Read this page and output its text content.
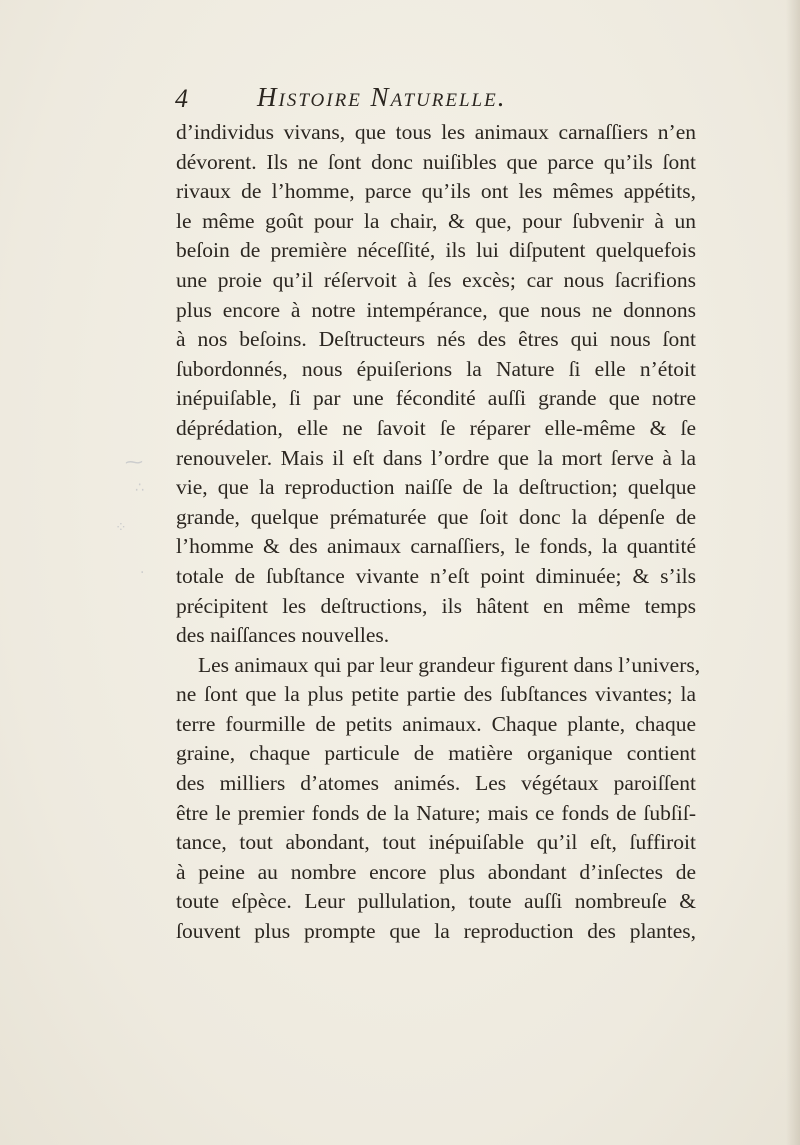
⁓
∴
⁘
·
4	Histoire Naturelle.
d’individus vivans, que tous les animaux carnaſſiers n’en
dévorent. Ils ne ſont donc nuiſibles que parce qu’ils ſont
rivaux de l’homme, parce qu’ils ont les mêmes appétits,
le même goût pour la chair, & que, pour ſubvenir à un
beſoin de première néceſſité, ils lui diſputent quelquefois
une proie qu’il réſervoit à ſes excès; car nous ſacrifions
plus encore à notre intempérance, que nous ne donnons
à nos beſoins. Deſtructeurs nés des êtres qui nous ſont
ſubordonnés, nous épuiſerions la Nature ſi elle n’étoit
inépuiſable, ſi par une fécondité auſſi grande que notre
déprédation, elle ne ſavoit ſe réparer elle-même & ſe
renouveler. Mais il eſt dans l’ordre que la mort ſerve à la
vie, que la reproduction naiſſe de la deſtruction; quelque
grande, quelque prématurée que ſoit donc la dépenſe de
l’homme & des animaux carnaſſiers, le fonds, la quantité
totale de ſubſtance vivante n’eſt point diminuée; & s’ils
précipitent les deſtructions, ils hâtent en même temps
des naiſſances nouvelles.
Les animaux qui par leur grandeur figurent dans l’univers,
ne ſont que la plus petite partie des ſubſtances vivantes; la
terre fourmille de petits animaux. Chaque plante, chaque
graine, chaque particule de matière organique contient
des milliers d’atomes animés. Les végétaux paroiſſent
être le premier fonds de la Nature; mais ce fonds de ſubſiſ-
tance, tout abondant, tout inépuiſable qu’il eſt, ſuffiroit
à peine au nombre encore plus abondant d’inſectes de
toute eſpèce. Leur pullulation, toute auſſi nombreuſe &
ſouvent plus prompte que la reproduction des plantes,
